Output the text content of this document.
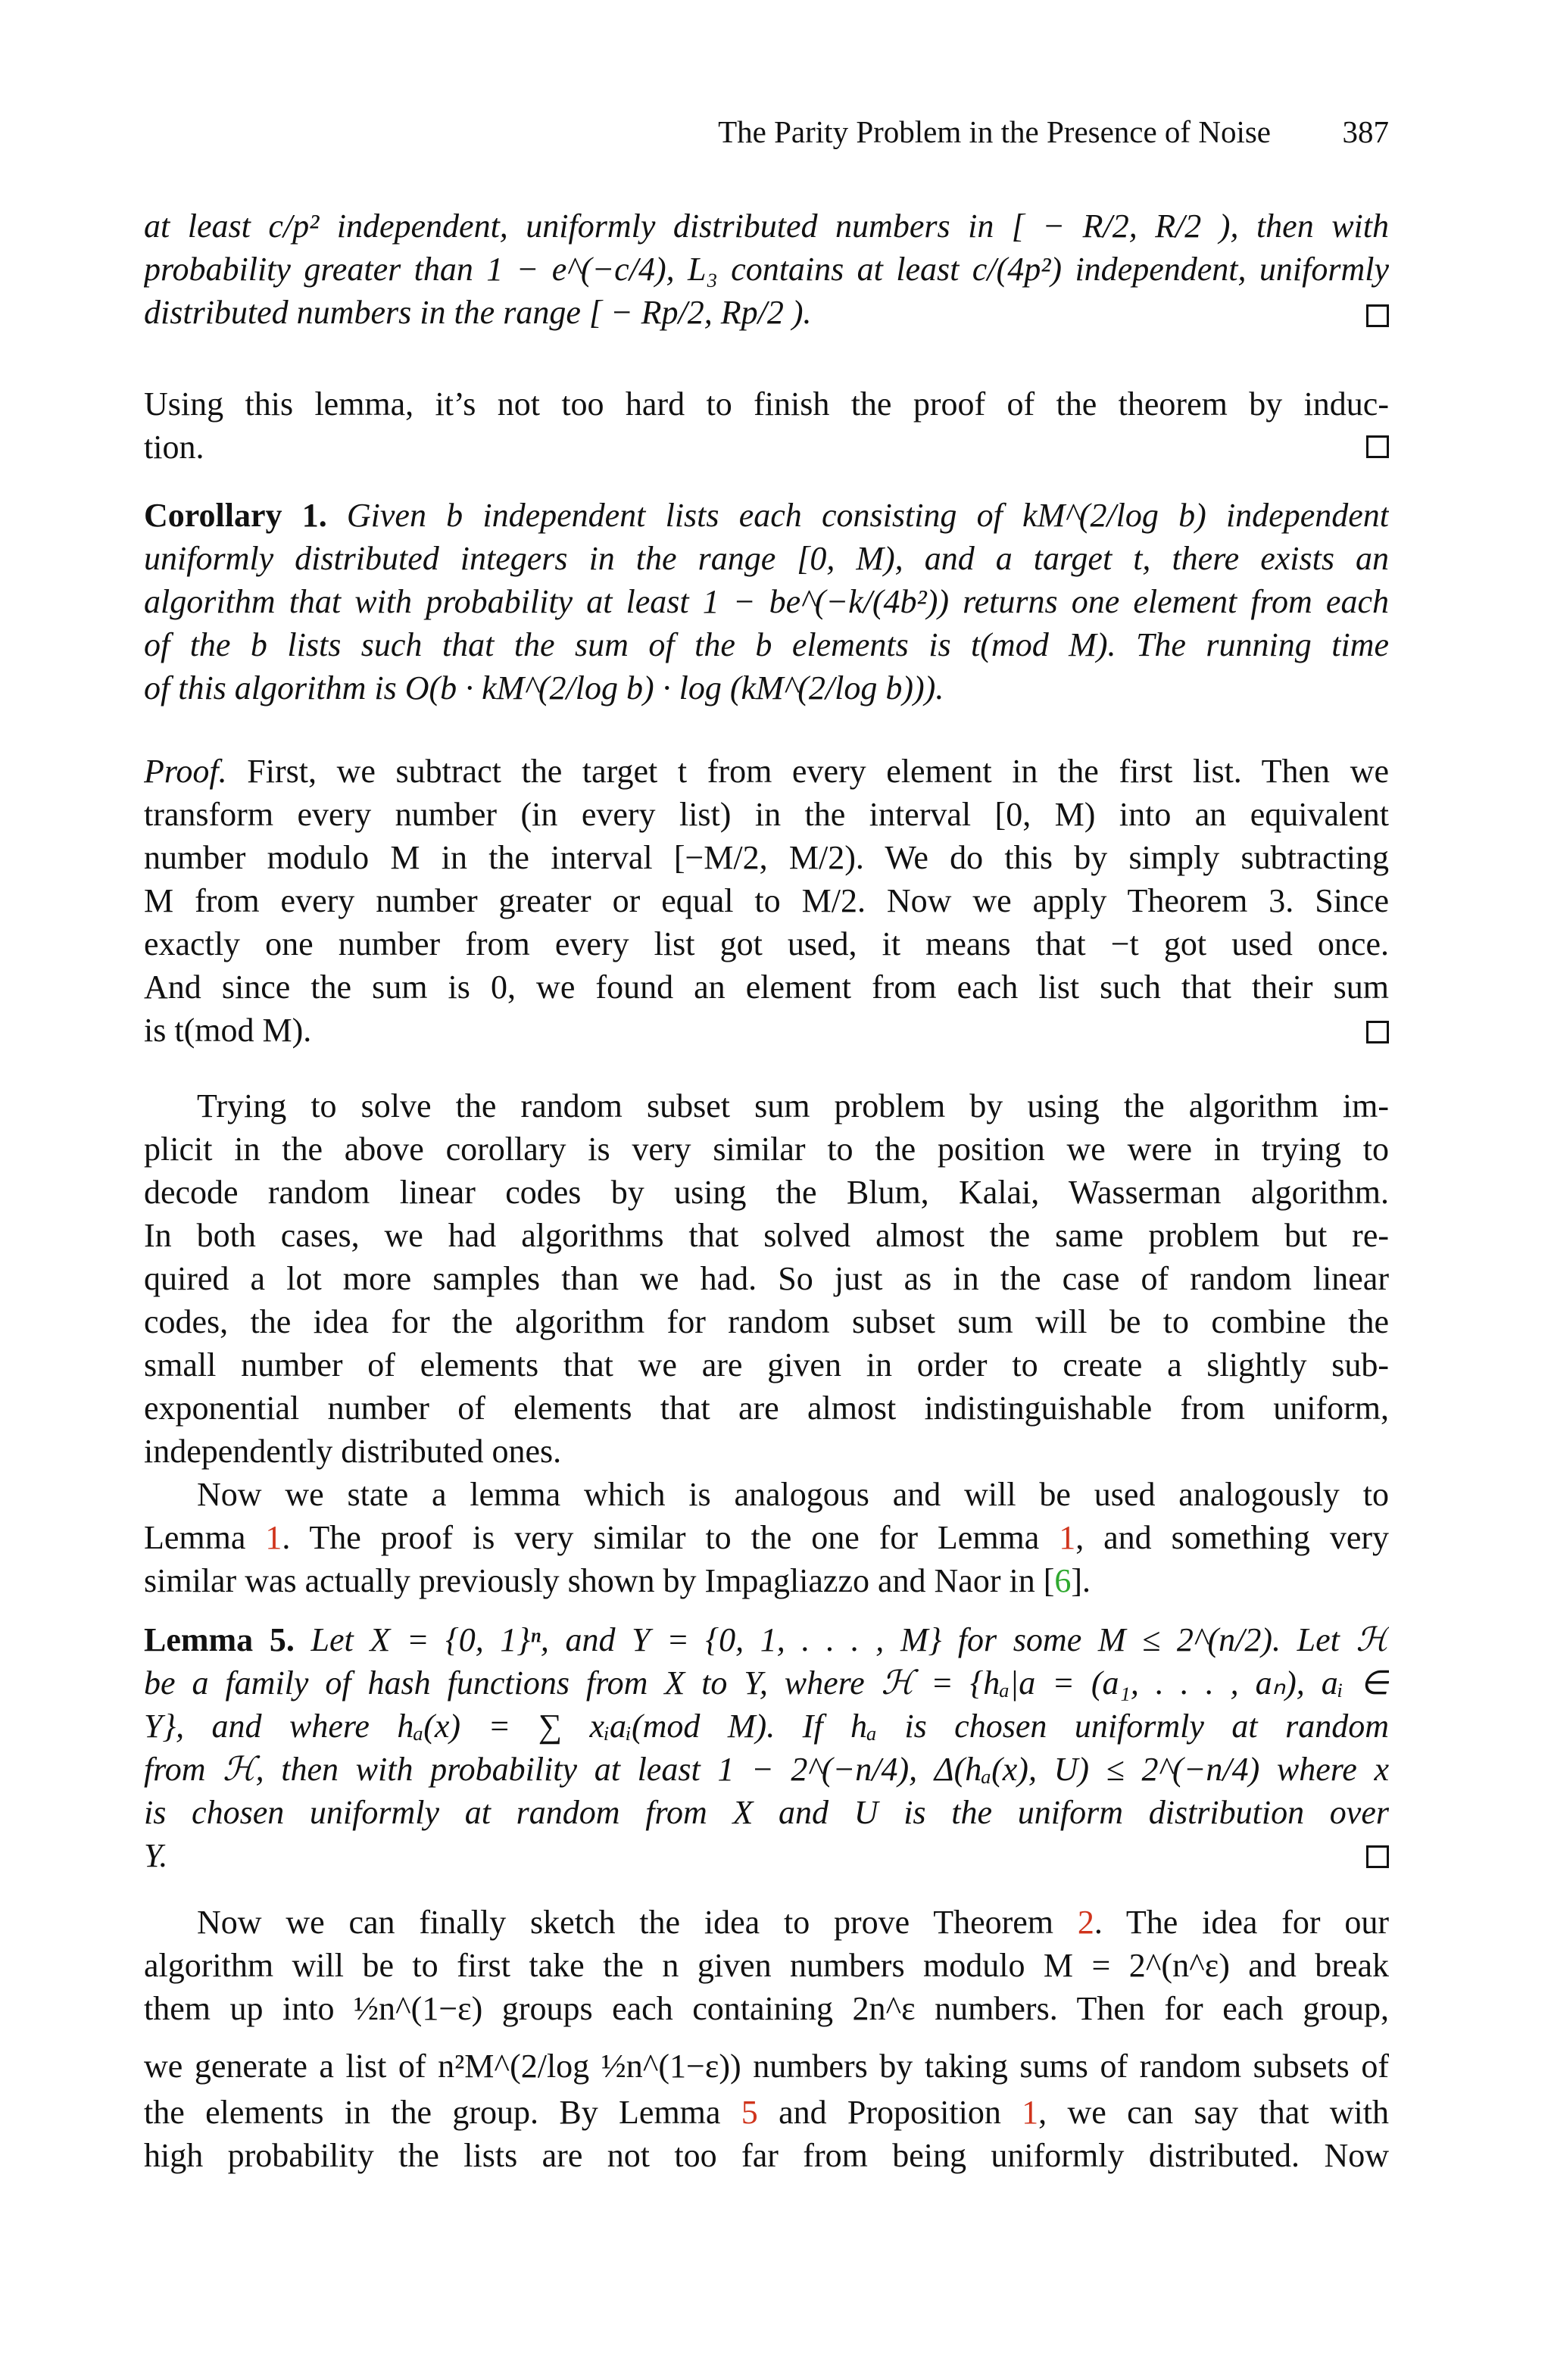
The Parity Problem in the Presence of Noise 387
at least c/p² independent, uniformly distributed numbers in [ − R/2, R/2 ), then with
probability greater than 1 − e^(−c/4), L₃ contains at least c/(4p²) independent, uniformly
distributed numbers in the range [ − Rp/2, Rp/2 ).
Using this lemma, it’s not too hard to finish the proof of the theorem by induc-
tion.
Corollary 1. Given b independent lists each consisting of kM^(2/log b) independent
uniformly distributed integers in the range [0, M), and a target t, there exists an
algorithm that with probability at least 1 − be^(−k/(4b²)) returns one element from each
of the b lists such that the sum of the b elements is t(mod M). The running time
of this algorithm is O(b · kM^(2/log b) · log (kM^(2/log b))).
Proof. First, we subtract the target t from every element in the first list. Then we
transform every number (in every list) in the interval [0, M) into an equivalent
number modulo M in the interval [−M/2, M/2). We do this by simply subtracting
M from every number greater or equal to M/2. Now we apply Theorem 3. Since
exactly one number from every list got used, it means that −t got used once.
And since the sum is 0, we found an element from each list such that their sum
is t(mod M).
Trying to solve the random subset sum problem by using the algorithm im-
plicit in the above corollary is very similar to the position we were in trying to
decode random linear codes by using the Blum, Kalai, Wasserman algorithm.
In both cases, we had algorithms that solved almost the same problem but re-
quired a lot more samples than we had. So just as in the case of random linear
codes, the idea for the algorithm for random subset sum will be to combine the
small number of elements that we are given in order to create a slightly sub-
exponential number of elements that are almost indistinguishable from uniform,
independently distributed ones.
Now we state a lemma which is analogous and will be used analogously to
Lemma 1. The proof is very similar to the one for Lemma 1, and something very
similar was actually previously shown by Impagliazzo and Naor in [6].
Lemma 5. Let X = {0, 1}ⁿ, and Y = {0, 1, . . . , M} for some M ≤ 2^(n/2). Let ℋ
be a family of hash functions from X to Y, where ℋ = {hₐ|a = (a₁, . . . , aₙ), aᵢ ∈
Y}, and where hₐ(x) = ∑ xᵢaᵢ(mod M). If hₐ is chosen uniformly at random
from ℋ, then with probability at least 1 − 2^(−n/4), Δ(hₐ(x), U) ≤ 2^(−n/4) where x
is chosen uniformly at random from X and U is the uniform distribution over
Y.
Now we can finally sketch the idea to prove Theorem 2. The idea for our
algorithm will be to first take the n given numbers modulo M = 2^(n^ε) and break
them up into ½n^(1−ε) groups each containing 2n^ε numbers. Then for each group,
we generate a list of n²M^(2/log ½n^(1−ε)) numbers by taking sums of random subsets of
the elements in the group. By Lemma 5 and Proposition 1, we can say that with
high probability the lists are not too far from being uniformly distributed. Now
